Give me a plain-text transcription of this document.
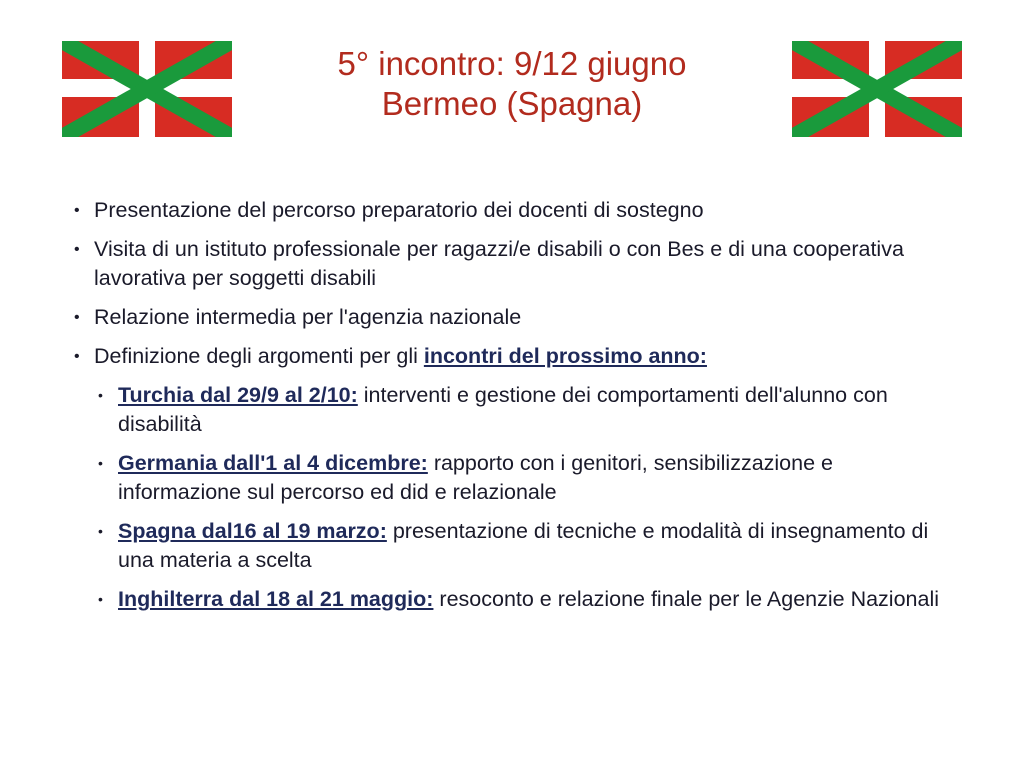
5° incontro: 9/12 giugno
Bermeo (Spagna)
• Presentazione del percorso preparatorio dei docenti di sostegno
• Visita di un istituto professionale per ragazzi/e disabili o con Bes e di una cooperativa lavorativa per soggetti disabili
• Relazione intermedia per l'agenzia nazionale
• Definizione degli argomenti per gli incontri del prossimo anno:
• Turchia dal 29/9 al 2/10: interventi e gestione dei comportamenti dell'alunno con disabilità
• Germania dall'1 al 4 dicembre: rapporto con i genitori, sensibilizzazione e informazione sul percorso ed did e relazionale
• Spagna dal16 al 19 marzo: presentazione di tecniche e modalità di insegnamento di una materia a scelta
• Inghilterra dal 18 al 21 maggio: resoconto e relazione finale per le Agenzie Nazionali
